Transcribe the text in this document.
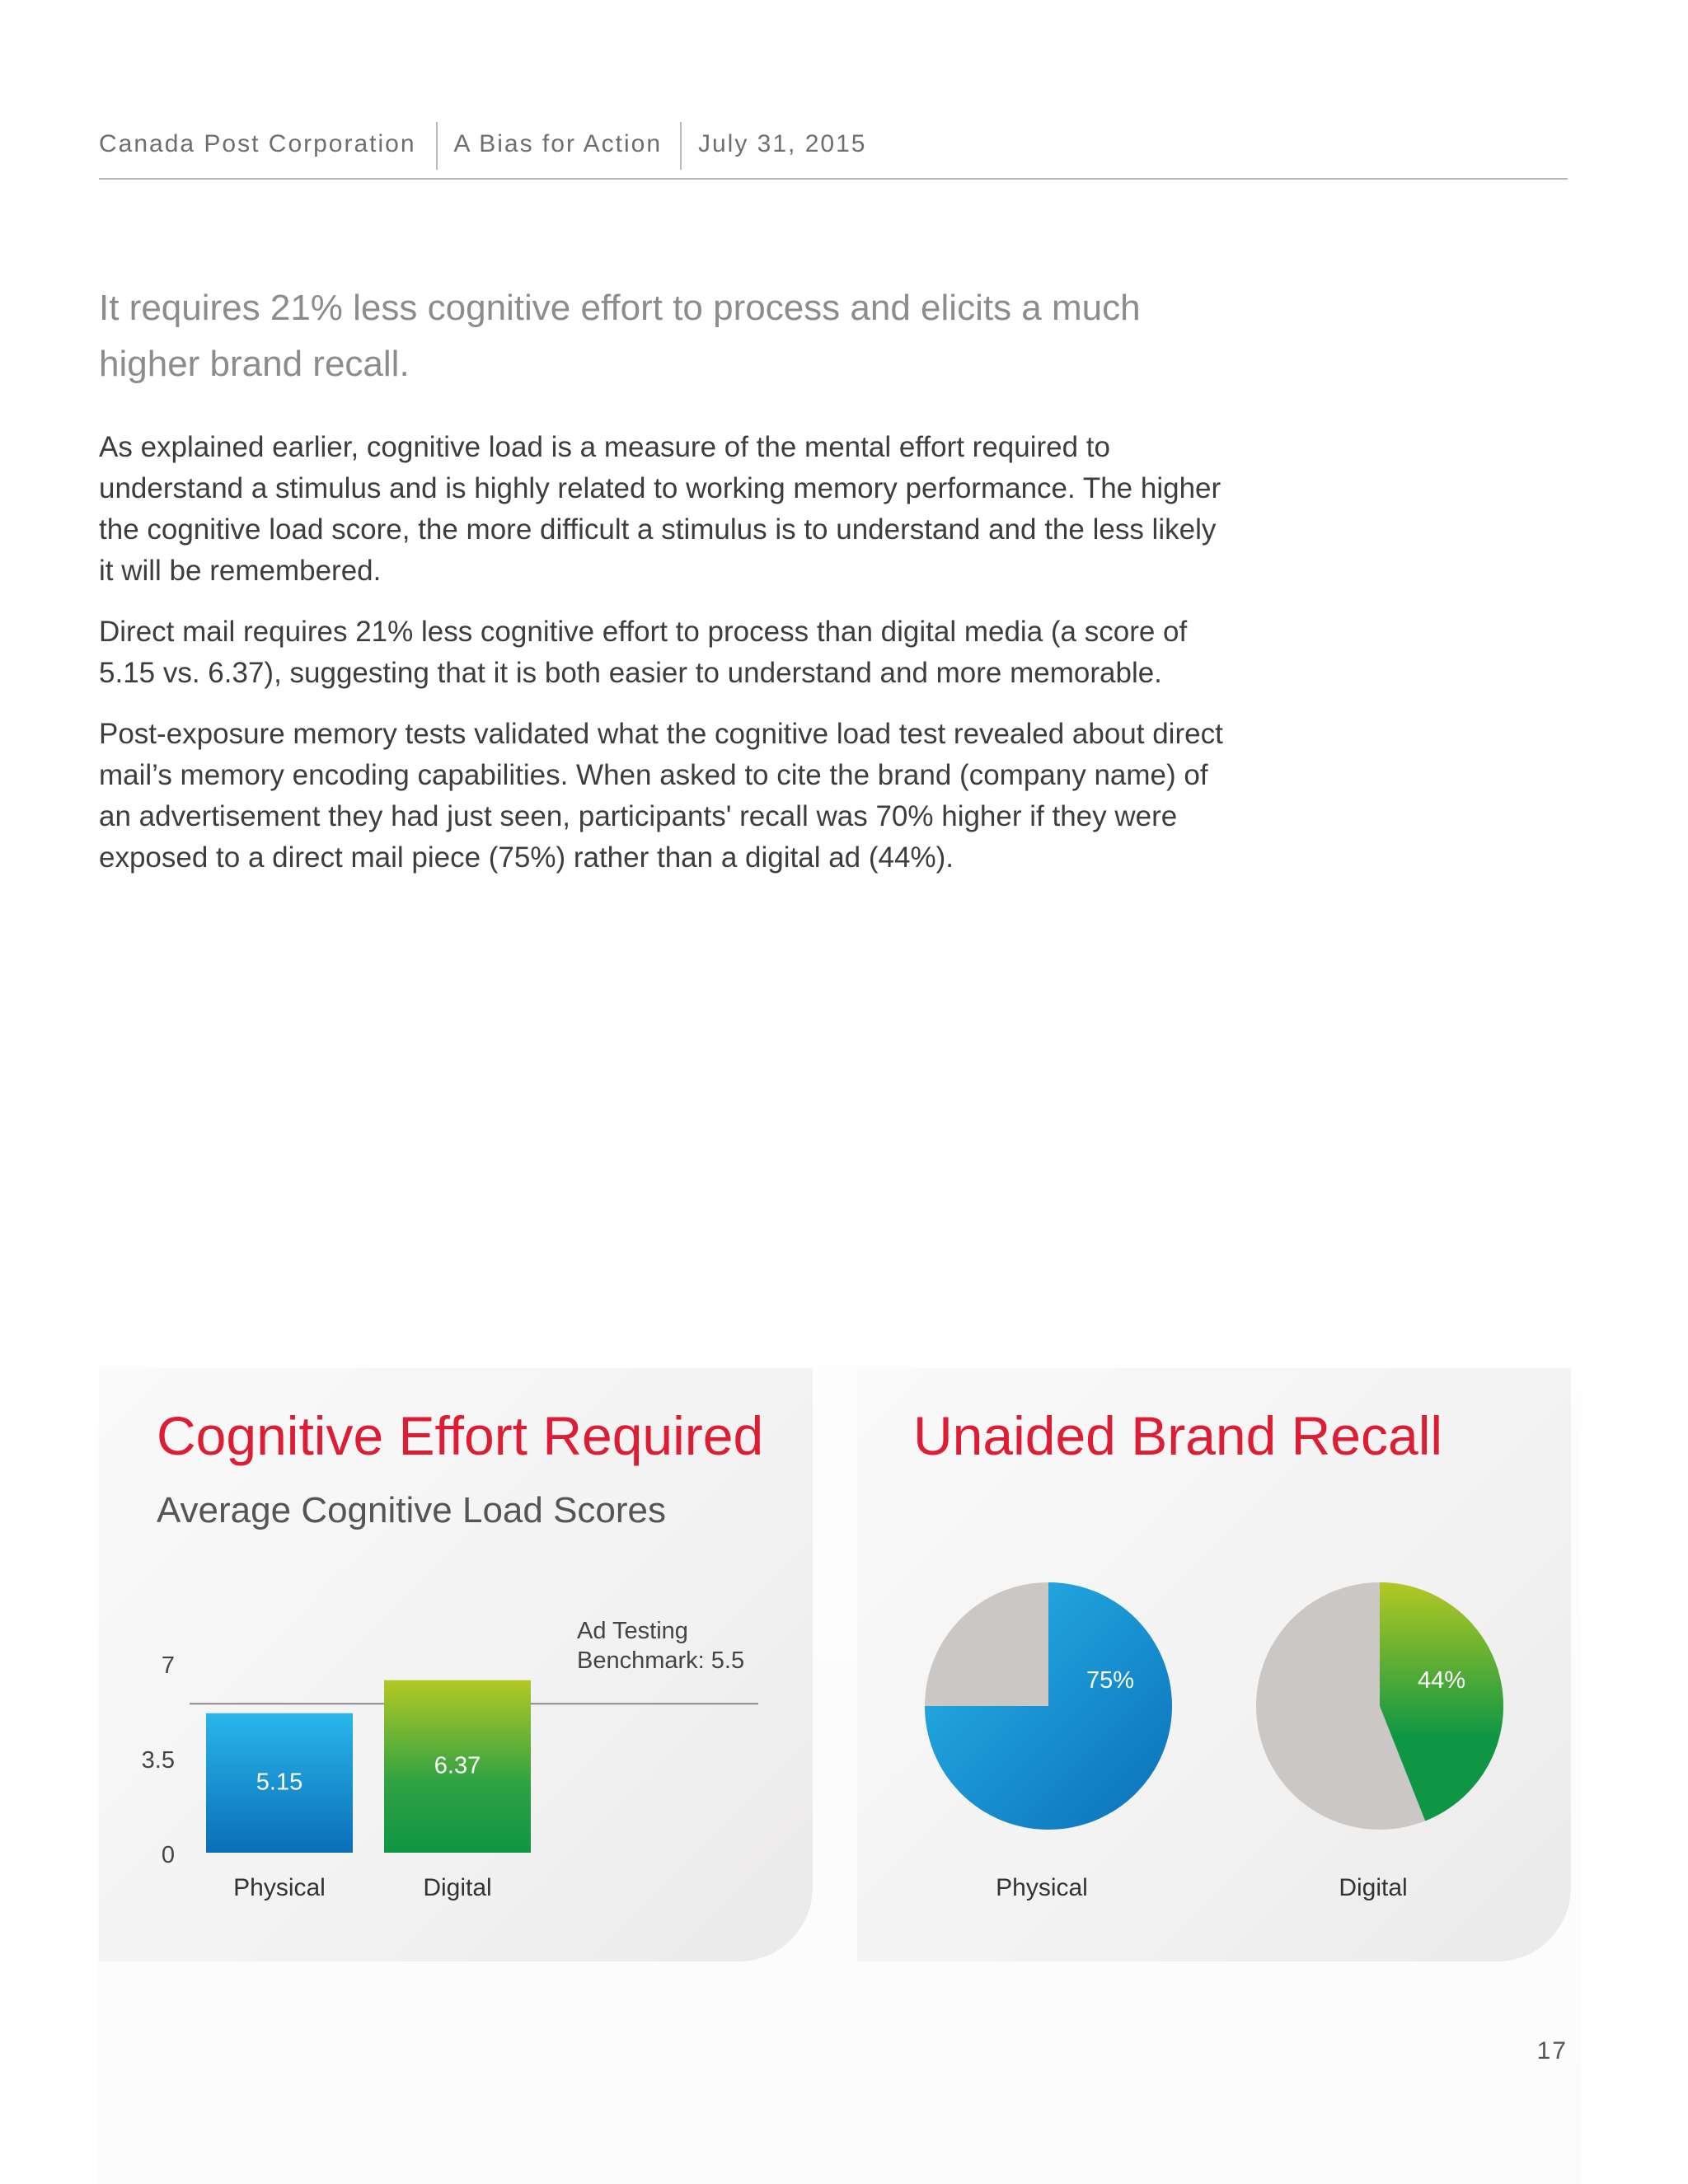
Canada Post Corporation	A Bias for Action	July 31, 2015
It requires 21% less cognitive effort to process and elicits a much higher brand recall.

As explained earlier, cognitive load is a measure of the mental effort required to understand a stimulus and is highly related to working memory performance. The higher the cognitive load score, the more difficult a stimulus is to understand and the less likely it will be remembered.

Direct mail requires 21% less cognitive effort to process than digital media (a score of 5.15 vs. 6.37), suggesting that it is both easier to understand and more memorable.

Post-exposure memory tests validated what the cognitive load test revealed about direct mail’s memory encoding capabilities. When asked to cite the brand (company name) of an advertisement they had just seen, participants' recall was 70% higher if they were exposed to a direct mail piece (75%) rather than a digital ad (44%).

Cognitive Effort Required
Average Cognitive Load Scores
0
3.5
7
Ad Testing
Benchmark: 5.5
5.15
Physical
6.37
Digital
Unaided Brand Recall
75%
Physical
44%
Digital
17
